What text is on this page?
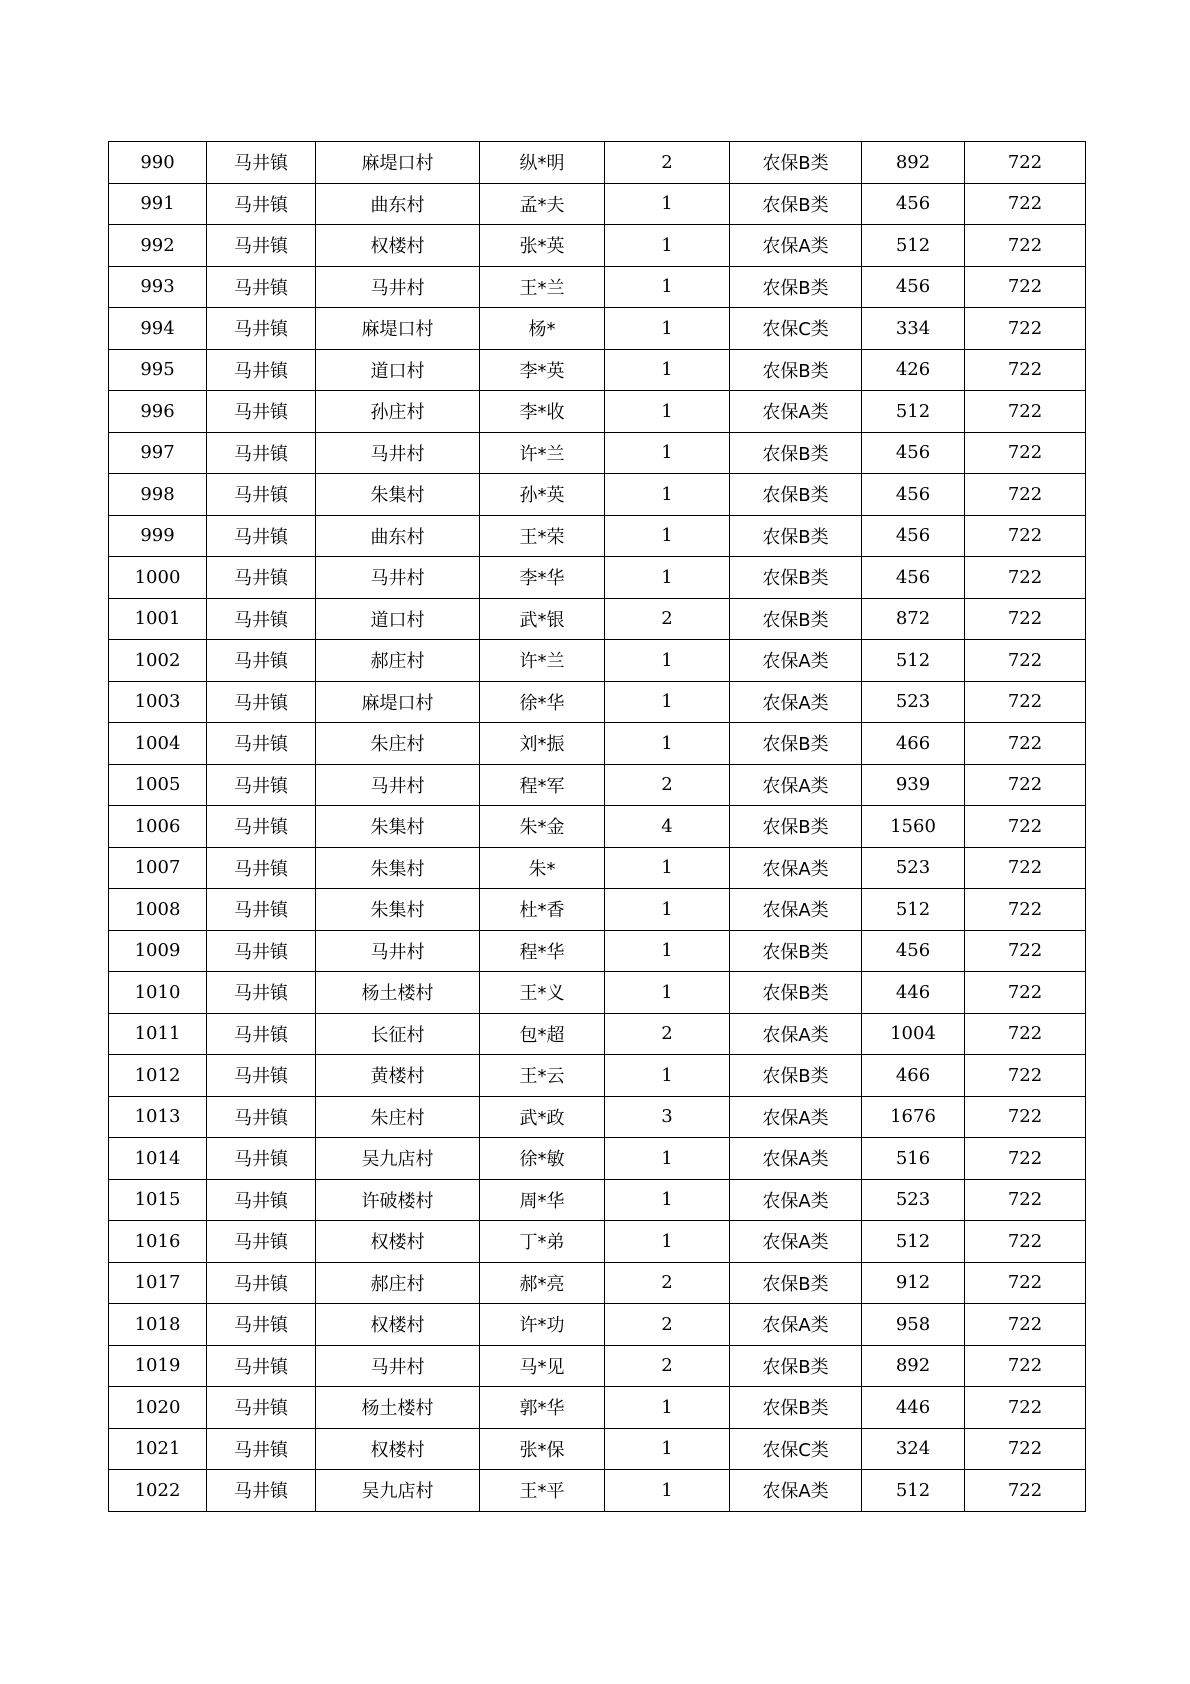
990	马井镇	麻堤口村	纵*明	2	农保B类	892	722
991	马井镇	曲东村	孟*夫	1	农保B类	456	722
992	马井镇	权楼村	张*英	1	农保A类	512	722
993	马井镇	马井村	王*兰	1	农保B类	456	722
994	马井镇	麻堤口村	杨*	1	农保C类	334	722
995	马井镇	道口村	李*英	1	农保B类	426	722
996	马井镇	孙庄村	李*收	1	农保A类	512	722
997	马井镇	马井村	许*兰	1	农保B类	456	722
998	马井镇	朱集村	孙*英	1	农保B类	456	722
999	马井镇	曲东村	王*荣	1	农保B类	456	722
1000	马井镇	马井村	李*华	1	农保B类	456	722
1001	马井镇	道口村	武*银	2	农保B类	872	722
1002	马井镇	郝庄村	许*兰	1	农保A类	512	722
1003	马井镇	麻堤口村	徐*华	1	农保A类	523	722
1004	马井镇	朱庄村	刘*振	1	农保B类	466	722
1005	马井镇	马井村	程*军	2	农保A类	939	722
1006	马井镇	朱集村	朱*金	4	农保B类	1560	722
1007	马井镇	朱集村	朱*	1	农保A类	523	722
1008	马井镇	朱集村	杜*香	1	农保A类	512	722
1009	马井镇	马井村	程*华	1	农保B类	456	722
1010	马井镇	杨土楼村	王*义	1	农保B类	446	722
1011	马井镇	长征村	包*超	2	农保A类	1004	722
1012	马井镇	黄楼村	王*云	1	农保B类	466	722
1013	马井镇	朱庄村	武*政	3	农保A类	1676	722
1014	马井镇	吴九店村	徐*敏	1	农保A类	516	722
1015	马井镇	许破楼村	周*华	1	农保A类	523	722
1016	马井镇	权楼村	丁*弟	1	农保A类	512	722
1017	马井镇	郝庄村	郝*亮	2	农保B类	912	722
1018	马井镇	权楼村	许*功	2	农保A类	958	722
1019	马井镇	马井村	马*见	2	农保B类	892	722
1020	马井镇	杨土楼村	郭*华	1	农保B类	446	722
1021	马井镇	权楼村	张*保	1	农保C类	324	722
1022	马井镇	吴九店村	王*平	1	农保A类	512	722
